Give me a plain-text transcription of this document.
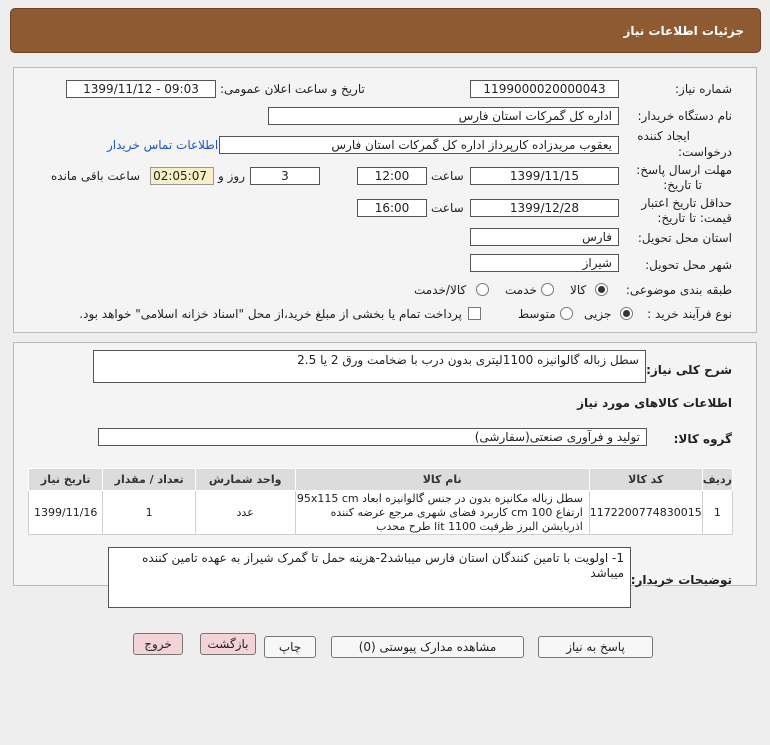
جزئیات اطلاعات نیاز
شماره نیاز:
1199000020000043
تاریخ و ساعت اعلان عمومی:
1399/11/12 - 09:03
نام دستگاه خریدار:
اداره کل گمرکات استان فارس
ایجاد کننده
درخواست:
یعقوب مریدزاده کارپرداز اداره کل گمرکات استان فارس
اطلاعات تماس خریدار
مهلت ارسال پاسخ:
تا تاریخ:
1399/11/15
ساعت
12:00
3
روز و
02:05:07
ساعت باقی مانده
حداقل تاریخ اعتبار
قیمت: تا تاریخ:
1399/12/28
ساعت
16:00
استان محل تحویل:
فارس
شهر محل تحویل:
شیراز
طبقه بندی موضوعی:
کالا
خدمت
کالا/خدمت
نوع فرآیند خرید :
جزیی
متوسط
پرداخت تمام یا بخشی از مبلغ خرید،از محل "اسناد خزانه اسلامی" خواهد بود.
شرح کلی نیاز:
سطل زباله گالوانیزه 1100لیتری بدون درب با ضخامت ورق 2 یا 2.5
اطلاعات کالاهای مورد نیاز
گروه کالا:
تولید و فرآوری صنعتی(سفارشی)
ردیف	کد کالا	نام کالا	واحد شمارش	تعداد / مقدار	تاریخ نیاز
1	1172200774830015	سطل زباله مکانیزه بدون در جنس گالوانیزه ابعاد 95x115 cm
ارتفاع 100 cm کاربرد فضای شهری مرجع عرضه کننده
اذربایشن البرز ظرفیت lit 1100 طرح محدب	عدد	1	1399/11/16
توضیحات خریدار:
1- اولویت با تامین کنندگان استان فارس میباشد2-هزینه حمل تا گمرک شیراز به عهده تامین کننده
میباشد
پاسخ به نیاز
مشاهده مدارک پیوستی (0)
چاپ
بازگشت
خروج
